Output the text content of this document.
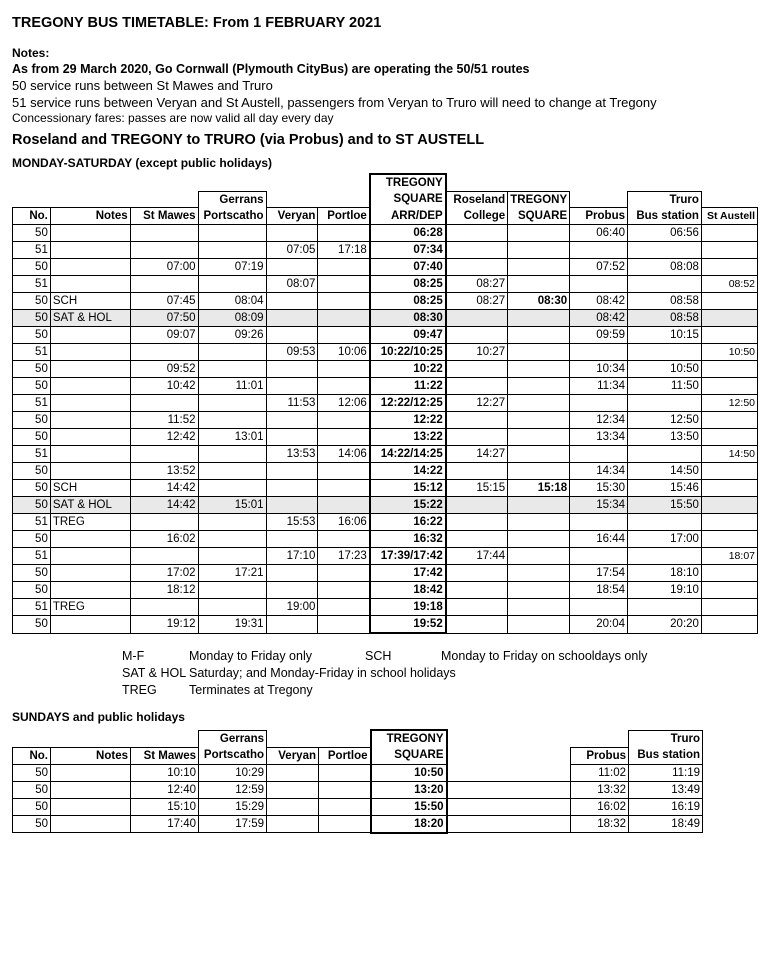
TREGONY BUS TIMETABLE: From 1 FEBRUARY 2021
Notes:
As from 29 March 2020, Go Cornwall (Plymouth CityBus) are operating the 50/51 routes
50 service runs between St Mawes and Truro
51 service runs between Veryan and St Austell, passengers from Veryan to Truro will need to change at Tregony
Concessionary fares: passes are now valid all day every day
Roseland and TREGONY to TRURO (via Probus) and to ST AUSTELL
MONDAY-SATURDAY (except public holidays)
						TREGONY					
			Gerrans			SQUARE	Roseland	TREGONY		Truro	
No.	Notes	St Mawes	Portscatho	Veryan	Portloe	ARR/DEP	College	SQUARE	Probus	Bus station	St Austell
50						06:28			06:40	06:56	
51				07:05	17:18	07:34					
50		07:00	07:19			07:40			07:52	08:08	
51				08:07		08:25	08:27				08:52
50	SCH	07:45	08:04			08:25	08:27	08:30	08:42	08:58	
50	SAT & HOL	07:50	08:09			08:30			08:42	08:58	
50		09:07	09:26			09:47			09:59	10:15	
51				09:53	10:06	10:22/10:25	10:27				10:50
50		09:52				10:22			10:34	10:50	
50		10:42	11:01			11:22			11:34	11:50	
51				11:53	12:06	12:22/12:25	12:27				12:50
50		11:52				12:22			12:34	12:50	
50		12:42	13:01			13:22			13:34	13:50	
51				13:53	14:06	14:22/14:25	14:27				14:50
50		13:52				14:22			14:34	14:50	
50	SCH	14:42				15:12	15:15	15:18	15:30	15:46	
50	SAT & HOL	14:42	15:01			15:22			15:34	15:50	
51	TREG			15:53	16:06	16:22					
50		16:02				16:32			16:44	17:00	
51				17:10	17:23	17:39/17:42	17:44				18:07
50		17:02	17:21			17:42			17:54	18:10	
50		18:12				18:42			18:54	19:10	
51	TREG			19:00		19:18					
50		19:12	19:31			19:52			20:04	20:20	
M-F	Monday to Friday only	SCH	Monday to Friday on schooldays only
SAT & HOL Saturday; and Monday-Friday in school holidays
TREG	Terminates at Tregony
SUNDAYS and public holidays
			Gerrans			TREGONY				Truro
No.	Notes	St Mawes	Portscatho	Veryan	Portloe	SQUARE			Probus	Bus station
50		10:10	10:29			10:50			11:02	11:19
50		12:40	12:59			13:20			13:32	13:49
50		15:10	15:29			15:50			16:02	16:19
50		17:40	17:59			18:20			18:32	18:49
